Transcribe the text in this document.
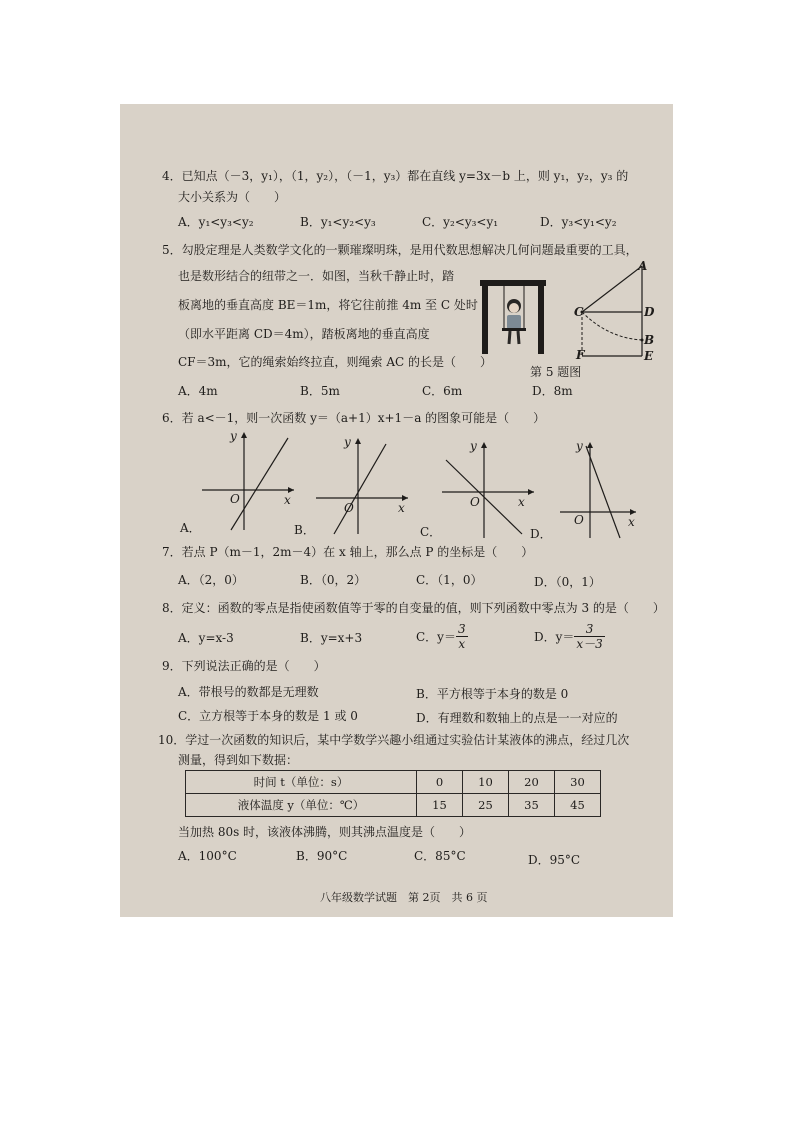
4．已知点（－3，y₁），（1，y₂），（－1，y₃）都在直线 y=3x－b 上，则 y₁，y₂，y₃ 的
大小关系为（　　）
A．y₁<y₃<y₂	B．y₁<y₂<y₃	C．y₂<y₃<y₁	D．y₃<y₁<y₂
5．勾股定理是人类数学文化的一颗璀璨明珠，是用代数思想解决几何问题最重要的工具，
也是数形结合的纽带之一．如图，当秋千静止时，踏
板离地的垂直高度 BE＝1m，将它往前推 4m 至 C 处时
（即水平距离 CD＝4m），踏板离地的垂直高度
CF＝3m，它的绳索始终拉直，则绳索 AC 的长是（　　）
A
C	D
B
F	E
第 5 题图
A．4m	B．5m	C．6m	D．8m
6．若 a<－1，则一次函数 y＝（a+1）x+1－a 的图象可能是（　　）
y
x
O
A．
y
x
O
B．
y
x
O
C．
y
x
O
D．
7．若点 P（m－1，2m－4）在 x 轴上，那么点 P 的坐标是（　　）
A．（2，0）	B．（0，2）	C．（1，0）	D．（0，1）
8．定义：函数的零点是指使函数值等于零的自变量的值，则下列函数中零点为 3 的是（　　）
A．y=x-3	B．y=x+3	C．$y= \frac{3}{x}$	D．$y= \frac{3}{x-3}$
9．下列说法正确的是（　　）
A．带根号的数都是无理数	B．平方根等于本身的数是 0
C．立方根等于本身的数是 1 或 0	D．有理数和数轴上的点是一一对应的
10．学过一次函数的知识后，某中学数学兴趣小组通过实验估计某液体的沸点，经过几次
测量，得到如下数据：
时间 t（单位：s）	0	10	20	30
液体温度 y（单位：℃）	15	25	35	45
当加热 80s 时，该液体沸腾，则其沸点温度是（　　）
A．100°C	B．90°C	C．85°C	D．95°C
八年级数学试题　第 2页　共 6 页
